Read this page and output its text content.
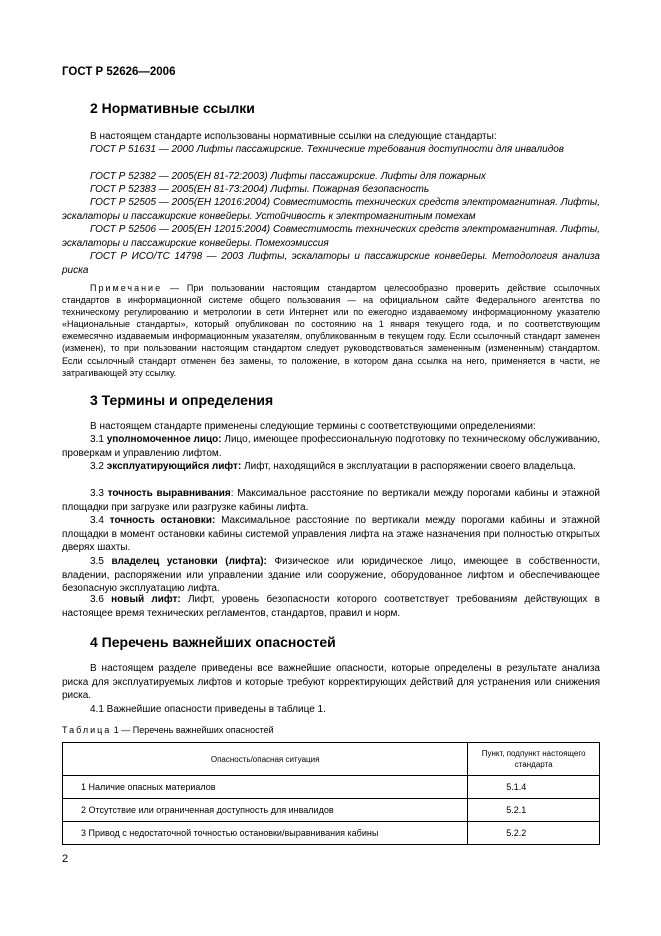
ГОСТ Р 52626—2006
2 Нормативные ссылки
В настоящем стандарте использованы нормативные ссылки на следующие стандарты:
ГОСТ Р 51631 — 2000 Лифты пассажирские. Технические требования доступности для инвалидов
ГОСТ Р 52382 — 2005(ЕН 81-72:2003) Лифты пассажирские. Лифты для пожарных
ГОСТ Р 52383 — 2005(ЕН 81-73:2004) Лифты. Пожарная безопасность
ГОСТ Р 52505 — 2005(ЕН 12016:2004) Совместимость технических средств электромагнитная. Лифты, эскалаторы и пассажирские конвейеры. Устойчивость к электромагнитным помехам
ГОСТ Р 52506 — 2005(ЕН 12015:2004) Совместимость технических средств электромагнитная. Лифты, эскалаторы и пассажирские конвейеры. Помехоэмиссия
ГОСТ Р ИСО/ТС 14798 — 2003 Лифты, эскалаторы и пассажирские конвейеры. Методология анализа риска
Примечание — При пользовании настоящим стандартом целесообразно проверить действие ссылочных стандартов в информационной системе общего пользования — на официальном сайте Федерального агентства по техническому регулированию и метрологии в сети Интернет или по ежегодно издаваемому информационному указателю «Национальные стандарты», который опубликован по состоянию на 1 января текущего года, и по соответствующим ежемесячно издаваемым информационным указателям, опубликованным в текущем году. Если ссылочный стандарт заменен (изменен), то при пользовании настоящим стандартом следует руководствоваться замененным (измененным) стандартом. Если ссылочный стандарт отменен без замены, то положение, в котором дана ссылка на него, применяется в части, не затрагивающей эту ссылку.
3 Термины и определения
В настоящем стандарте применены следующие термины с соответствующими определениями:
3.1 уполномоченное лицо: Лицо, имеющее профессиональную подготовку по техническому обслуживанию, проверкам и управлению лифтом.
3.2 эксплуатирующийся лифт: Лифт, находящийся в эксплуатации в распоряжении своего владельца.
3.3 точность выравнивания: Максимальное расстояние по вертикали между порогами кабины и этажной площадки при загрузке или разгрузке кабины лифта.
3.4 точность остановки: Максимальное расстояние по вертикали между порогами кабины и этажной площадки в момент остановки кабины системой управления лифта на этаже назначения при полностью открытых дверях шахты.
3.5 владелец установки (лифта): Физическое или юридическое лицо, имеющее в собственности, владении, распоряжении или управлении здание или сооружение, оборудованное лифтом и обеспечивающее безопасную эксплуатацию лифта.
3.6 новый лифт: Лифт, уровень безопасности которого соответствует требованиям действующих в настоящее время технических регламентов, стандартов, правил и норм.
4 Перечень важнейших опасностей
В настоящем разделе приведены все важнейшие опасности, которые определены в результате анализа риска для эксплуатируемых лифтов и которые требуют корректирующих действий для устранения или снижения риска.
4.1 Важнейшие опасности приведены в таблице 1.
Таблица 1 — Перечень важнейших опасностей
Опасность/опасная ситуация	Пункт, подпункт настоящего стандарта
1 Наличие опасных материалов	5.1.4
2 Отсутствие или ограниченная доступность для инвалидов	5.2.1
3 Привод с недостаточной точностью остановки/выравнивания кабины	5.2.2
2
